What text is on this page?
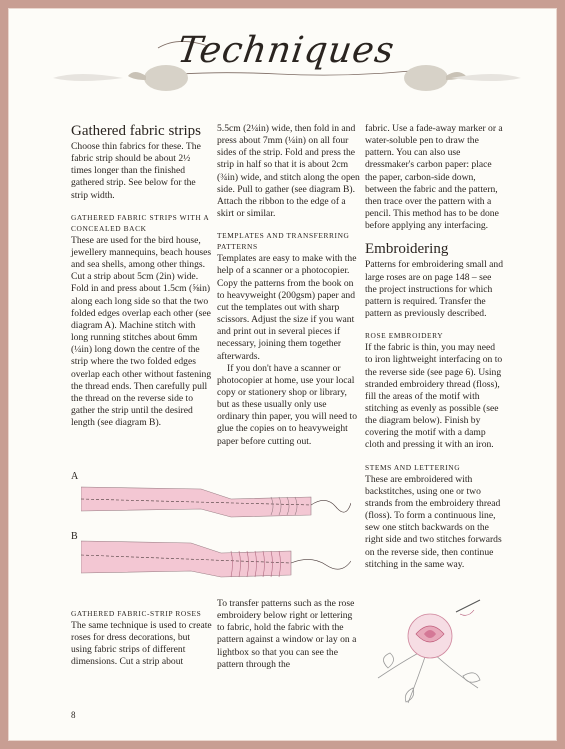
Techniques
Gathered fabric strips

Choose thin fabrics for these. The fabric strip should be about 2½ times longer than the finished gathered strip. See below for the strip width.

GATHERED FABRIC STRIPS WITH A CONCEALED BACK

These are used for the bird house, jewellery mannequins, beach houses and sea shells, among other things. Cut a strip about 5cm (2in) wide. Fold in and press about 1.5cm (⅝in) along each long side so that the two folded edges overlap each other (see diagram A). Machine stitch with long running stitches about 6mm (¼in) long down the centre of the strip where the two folded edges overlap each other without fastening the thread ends. Then carefully pull the thread on the reverse side to gather the strip until the desired length (see diagram B).

5.5cm (2¼in) wide, then fold in and press about 7mm (¼in) on all four sides of the strip. Fold and press the strip in half so that it is about 2cm (¾in) wide, and stitch along the open side. Pull to gather (see diagram B). Attach the ribbon to the edge of a skirt or similar.

TEMPLATES AND TRANSFERRING PATTERNS

Templates are easy to make with the help of a scanner or a photocopier. Copy the patterns from the book on to heavyweight (200gsm) paper and cut the templates out with sharp scissors. Adjust the size if you want and print out in several pieces if necessary, joining them together afterwards.

If you don't have a scanner or photocopier at home, use your local copy or stationery shop or library, but as these usually only use ordinary thin paper, you will need to glue the copies on to heavyweight paper before cutting out.

fabric. Use a fade-away marker or a water-soluble pen to draw the pattern. You can also use dressmaker's carbon paper: place the paper, carbon-side down, between the fabric and the pattern, then trace over the pattern with a pencil. This method has to be done before applying any interfacing.

Embroidering

Patterns for embroidering small and large roses are on page 148 – see the project instructions for which pattern is required. Transfer the pattern as previously described.

ROSE EMBROIDERY

If the fabric is thin, you may need to iron lightweight interfacing on to the reverse side (see page 6). Using stranded embroidery thread (floss), fill the areas of the motif with stitching as evenly as possible (see the diagram below). Finish by covering the motif with a damp cloth and pressing it with an iron.

STEMS AND LETTERING

These are embroidered with backstitches, using one or two strands from the embroidery thread (floss). To form a continuous line, sew one stitch backwards on the right side and two stitches forwards on the reverse side, then continue stitching in the same way.

A
B
GATHERED FABRIC-STRIP ROSES

The same technique is used to create roses for dress decorations, but using fabric strips of different dimensions. Cut a strip about

To transfer patterns such as the rose embroidery below right or lettering to fabric, hold the fabric with the pattern against a window or lay on a lightbox so that you can see the pattern through the

8
